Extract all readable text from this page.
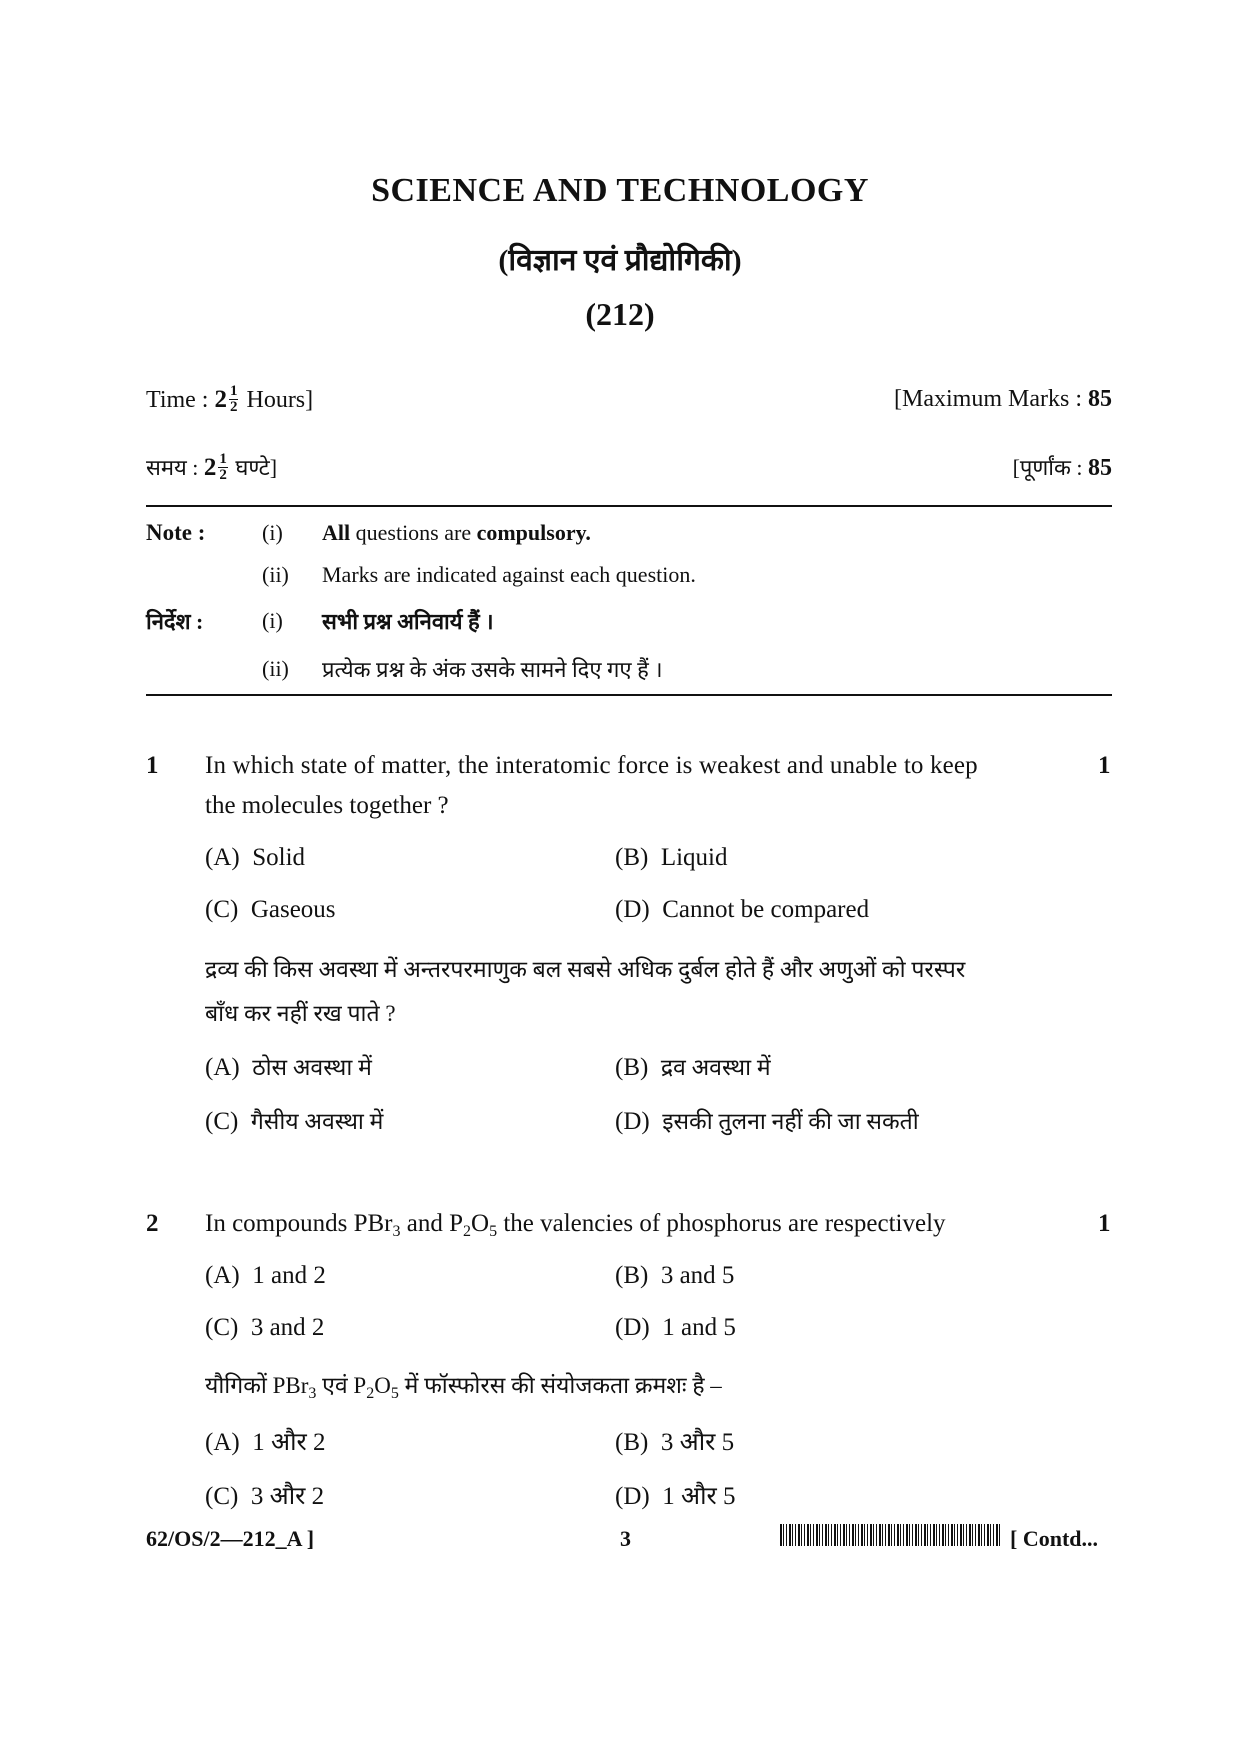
SCIENCE AND TECHNOLOGY
(विज्ञान एवं प्रौद्योगिकी)
(212)
Time : $2 \frac{1}{2}$ Hours]	[Maximum Marks : 85
समय : $2 \frac{1}{2}$ घण्टे]	[पूर्णांक : 85
Note :	(i) All questions are compulsory.
(ii) Marks are indicated against each question.
निर्देश :	(i) सभी प्रश्न अनिवार्य हैं ।
(ii) प्रत्येक प्रश्न के अंक उसके सामने दिए गए हैं ।
1 In which state of matter, the interatomic force is weakest and unable to keep	1
the molecules together ?
(A) Solid	(B) Liquid
(C) Gaseous	(D) Cannot be compared
द्रव्य की किस अवस्था में अन्तरपरमाणुक बल सबसे अधिक दुर्बल होते हैं और अणुओं को परस्पर
बाँध कर नहीं रख पाते ?
(A) ठोस अवस्था में	(B) द्रव अवस्था में
(C) गैसीय अवस्था में	(D) इसकी तुलना नहीं की जा सकती
2 In compounds PBr$_3$ and $P_2O_5$ the valencies of phosphorus are respectively	1
(A) 1 and 2	(B) 3 and 5
(C) 3 and 2	(D) 1 and 5
यौगिकों PBr$_3$ एवं $P_2O_5$ में फॉस्फोरस की संयोजकता क्रमशः है –
(A) 1 और 2	(B) 3 और 5
(C) 3 और 2	(D) 1 और 5
62/OS/2—212_A ]	3	[ Contd...
